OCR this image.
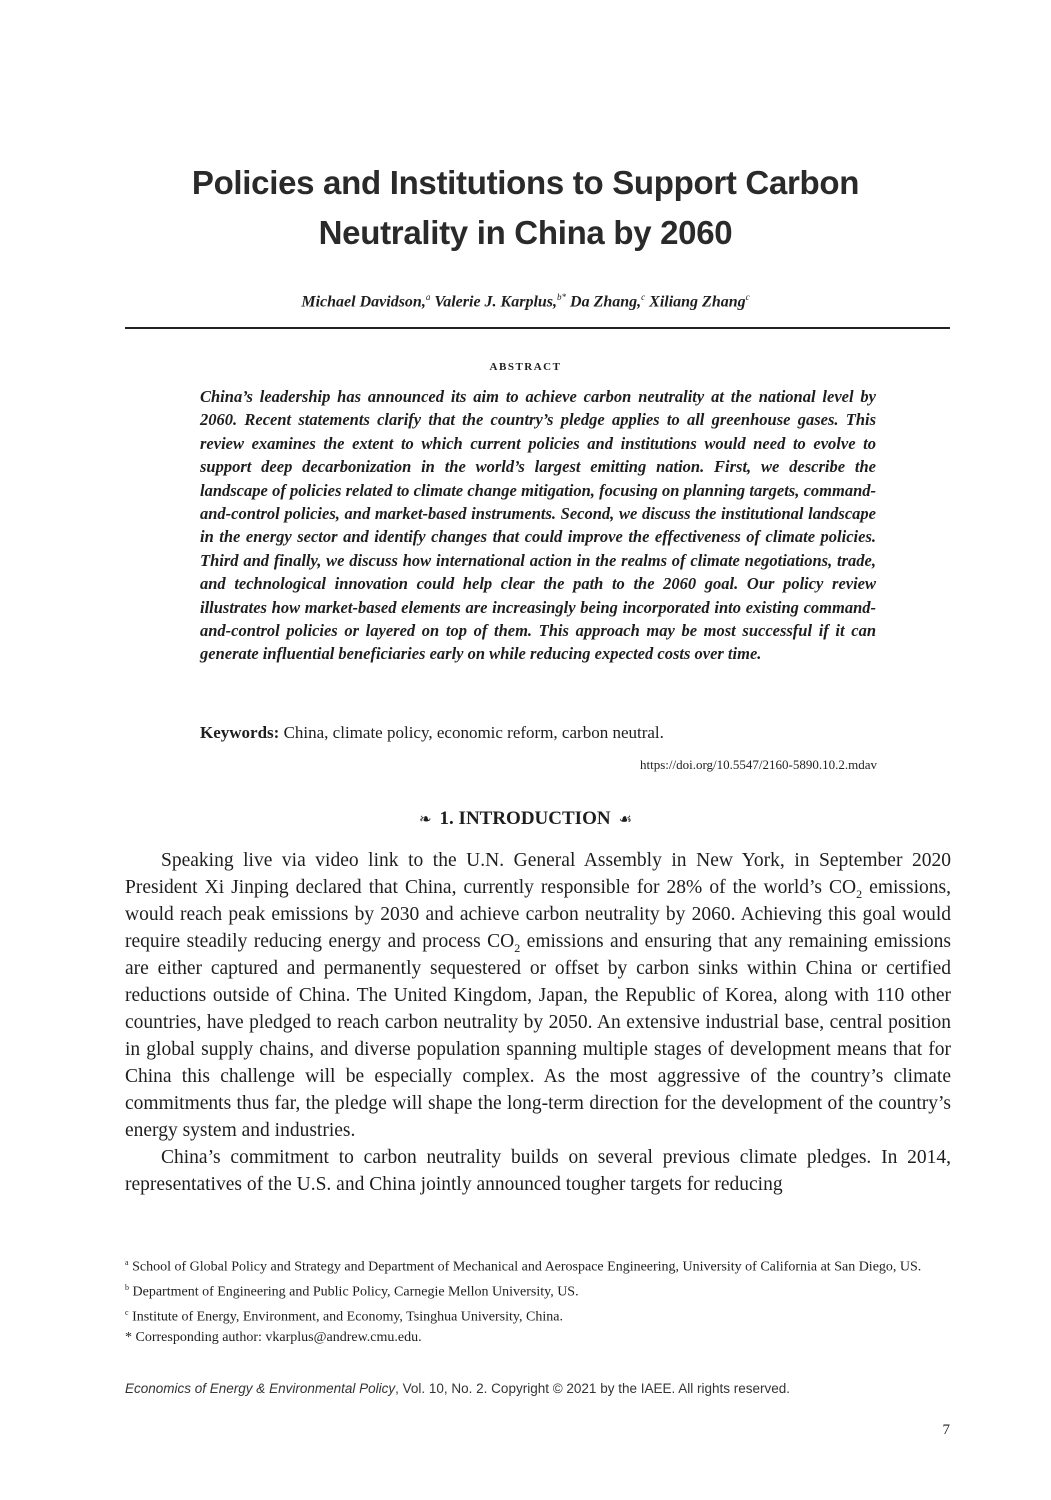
Policies and Institutions to Support Carbon
Neutrality in China by 2060
Michael Davidson,$^a$ Valerie J. Karplus,$^{b*}$ Da Zhang,$^c$ Xiliang Zhang$^c$
ABSTRACT

China’s leadership has announced its aim to achieve carbon neutrality at the national level by 2060. Recent statements clarify that the country’s pledge applies to all greenhouse gases. This review examines the extent to which current policies and institutions would need to evolve to support deep decarbonization in the world’s largest emitting nation. First, we describe the landscape of policies related to climate change mitigation, focusing on planning targets, command-and-control policies, and market-based instruments. Second, we discuss the institutional landscape in the energy sector and identify changes that could improve the effectiveness of climate policies. Third and finally, we discuss how international action in the realms of climate negotiations, trade, and technological innovation could help clear the path to the 2060 goal. Our policy review illustrates how market-based elements are increasingly being incorporated into existing command-and-control policies or layered on top of them. This approach may be most successful if it can generate influential beneficiaries early on while reducing expected costs over time.

Keywords: China, climate policy, economic reform, carbon neutral.
https://doi.org/10.5547/2160-5890.10.2.mdav
❧ 1. INTRODUCTION ☙

Speaking live via video link to the U.N. General Assembly in New York, in September 2020 President Xi Jinping declared that China, currently responsible for 28% of the world’s $CO_2$ emissions, would reach peak emissions by 2030 and achieve carbon neutrality by 2060. Achieving this goal would require steadily reducing energy and process $CO_2$ emissions and ensuring that any remaining emissions are either captured and permanently sequestered or offset by carbon sinks within China or certified reductions outside of China. The United Kingdom, Japan, the Republic of Korea, along with 110 other countries, have pledged to reach carbon neutrality by 2050. An extensive industrial base, central position in global supply chains, and diverse population spanning multiple stages of development means that for China this challenge will be especially complex. As the most aggressive of the country’s climate commitments thus far, the pledge will shape the long-term direction for the development of the country’s energy system and industries.

China’s commitment to carbon neutrality builds on several previous climate pledges. In 2014, representatives of the U.S. and China jointly announced tougher targets for reducing

$^a$ School of Global Policy and Strategy and Department of Mechanical and Aerospace Engineering, University of California at San Diego, US.
$^b$ Department of Engineering and Public Policy, Carnegie Mellon University, US.
$^c$ Institute of Energy, Environment, and Economy, Tsinghua University, China.
* Corresponding author: vkarplus@andrew.cmu.edu.
Economics of Energy & Environmental Policy, Vol. 10, No. 2. Copyright © 2021 by the IAEE. All rights reserved.
7
